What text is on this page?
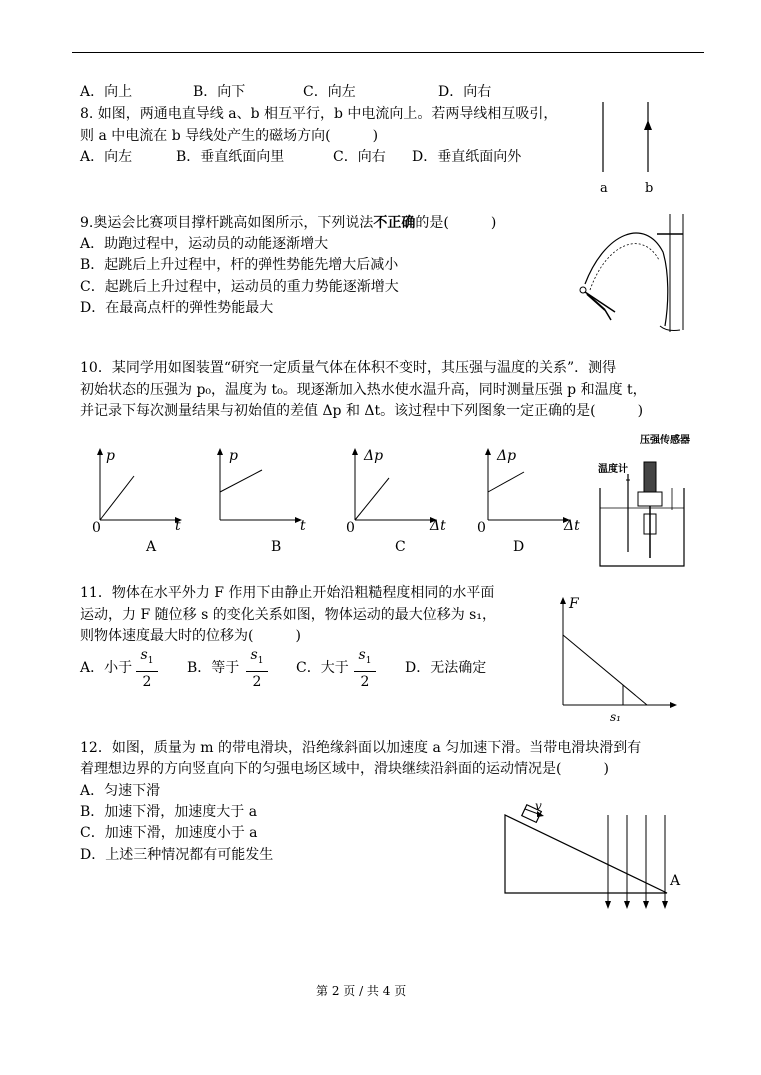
A．向上	B．向下	C．向左	D．向右
8. 如图，两通电直导线 a、b 相互平行，b 中电流向上。若两导线相互吸引，
则 a 中电流在 b 导线处产生的磁场方向(　　　)
A．向左	B．垂直纸面向里	C．向右 D．垂直纸面向外
a	b
9.奥运会比赛项目撑杆跳高如图所示，下列说法不正确的是(　　　)
A．助跑过程中，运动员的动能逐渐增大
B．起跳后上升过程中，杆的弹性势能先增大后减小
C．起跳后上升过程中，运动员的重力势能逐渐增大
D．在最高点杆的弹性势能最大
10．某同学用如图装置“研究一定质量气体在体积不变时，其压强与温度的关系”．测得
初始状态的压强为 p₀，温度为 t₀。现逐渐加入热水使水温升高，同时测量压强 p 和温度 t，
并记录下每次测量结果与初始值的差值 Δp 和 Δt。该过程中下列图象一定正确的是(　　　)
p
t
0
A
p
t
B
Δp
Δt
0
C
Δp
Δt
0
D
压强传感器
温度计
11．物体在水平外力 F 作用下由静止开始沿粗糙程度相同的水平面
运动，力 F 随位移 s 的变化关系如图，物体运动的最大位移为 s₁，
则物体速度最大时的位移为(　　　)
A．小于
$s_1$
2
B．等于
$s_1$
2
C．大于
$s_1$
2
D．无法确定
F
s₁
12．如图，质量为 m 的带电滑块，沿绝缘斜面以加速度 a 匀加速下滑。当带电滑块滑到有
着理想边界的方向竖直向下的匀强电场区域中，滑块继续沿斜面的运动情况是(　　　)
A．匀速下滑
B．加速下滑，加速度大于 a
C．加速下滑，加速度小于 a
D．上述三种情况都有可能发生
v
A
第 2 页 / 共 4 页
